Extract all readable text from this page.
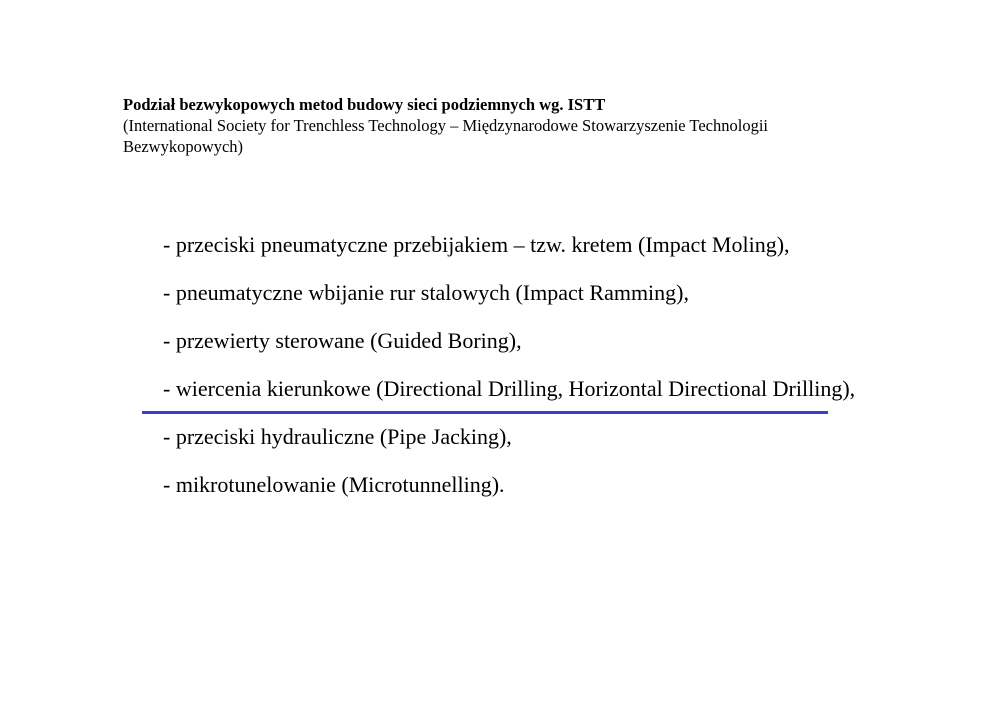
Podział bezwykopowych metod budowy sieci podziemnych wg. ISTT
(International Society for Trenchless Technology – Międzynarodowe Stowarzyszenie Technologii Bezwykopowych)
- przeciski pneumatyczne przebijakiem – tzw. kretem (Impact Moling),
- pneumatyczne wbijanie rur stalowych (Impact Ramming),
- przewierty sterowane (Guided Boring),
- wiercenia kierunkowe (Directional Drilling, Horizontal Directional Drilling),
- przeciski hydrauliczne (Pipe Jacking),
- mikrotunelowanie (Microtunnelling).
